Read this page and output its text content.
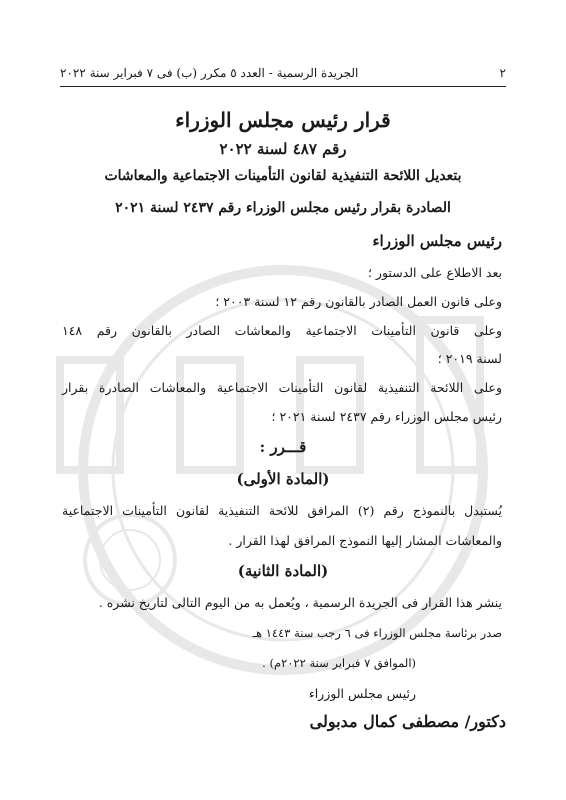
٢
الجريدة الرسمية - العدد ٥ مكرر (ب) فى ٧ فبراير سنة ٢٠٢٢
قرار رئيس مجلس الوزراء
رقم ٤٨٧ لسنة ٢٠٢٢
بتعديل اللائحة التنفيذية لقانون التأمينات الاجتماعية والمعاشات
الصادرة بقرار رئيس مجلس الوزراء رقم ٢٤٣٧ لسنة ٢٠٢١
رئيس مجلس الوزراء
بعد الاطلاع على الدستور ؛
وعلى قانون العمل الصادر بالقانون رقم ١٢ لسنة ٢٠٠٣ ؛
وعلى قانون التأمينات الاجتماعية والمعاشات الصادر بالقانون رقم ١٤٨
لسنة ٢٠١٩ ؛
وعلى اللائحة التنفيذية لقانون التأمينات الاجتماعية والمعاشات الصادرة بقرار
رئيس مجلس الوزراء رقم ٢٤٣٧ لسنة ٢٠٢١ ؛
قـــرر :
(المادة الأولى)
يُستبدل بالنموذج رقم (٢) المرافق للائحة التنفيذية لقانون التأمينات الاجتماعية
والمعاشات المشار إليها النموذج المرافق لهذا القرار .
(المادة الثانية)
ينشر هذا القرار فى الجريدة الرسمية ، ويُعمل به من اليوم التالى لتاريخ نشره .
صدر برئاسة مجلس الوزراء فى ٦ رجب سنة ١٤٤٣ هـ
(الموافق ٧ فبراير سنة ٢٠٢٢م) .
رئيس مجلس الوزراء
دكتور/ مصطفى كمال مدبولى
